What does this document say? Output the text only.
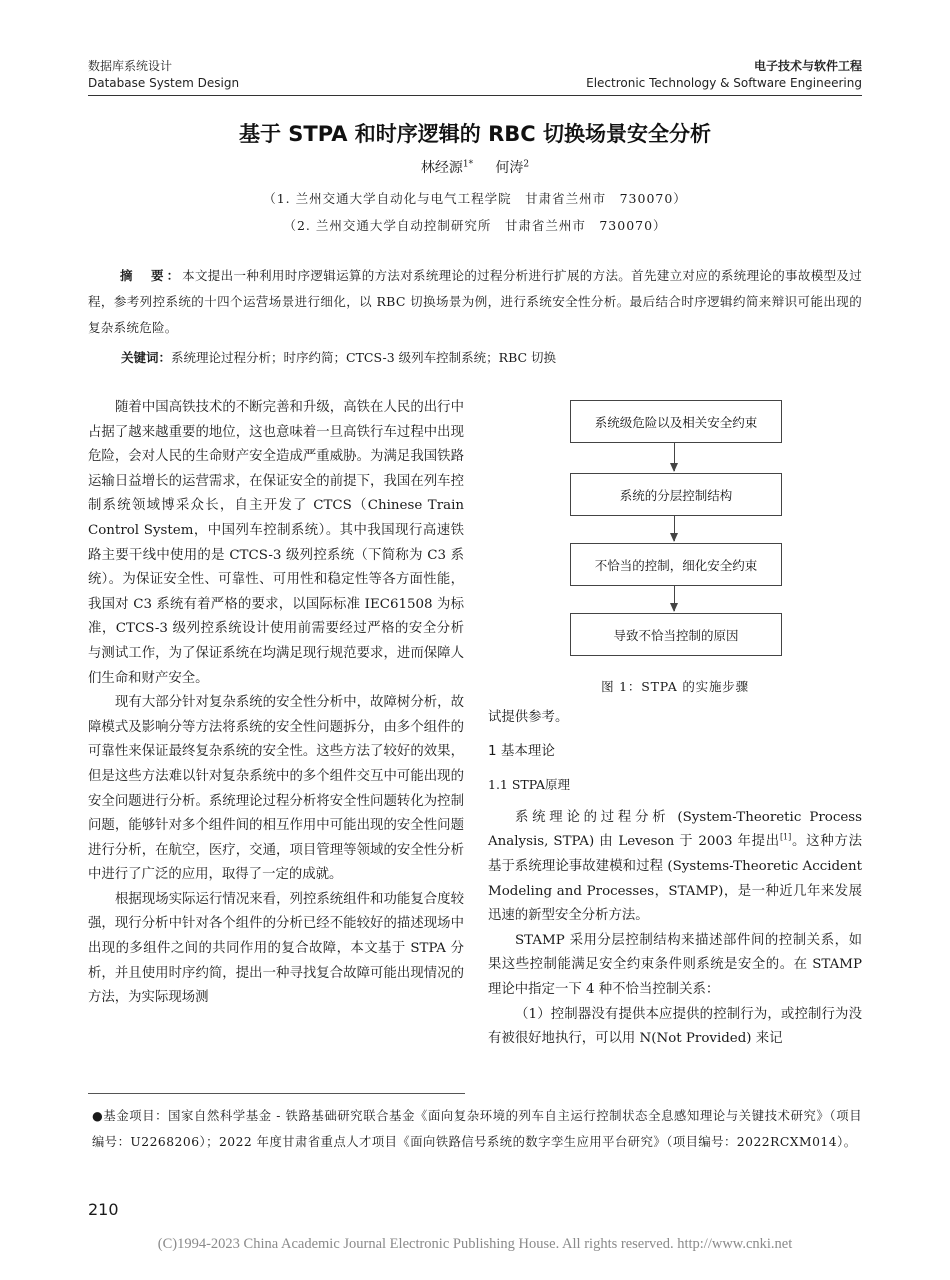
数据库系统设计
Database System Design
电子技术与软件工程
Electronic Technology & Software Engineering
基于 STPA 和时序逻辑的 RBC 切换场景安全分析
林经源$^{1*}$ 何涛$^2$
（1. 兰州交通大学自动化与电气工程学院　甘肃省兰州市　730070）
（2. 兰州交通大学自动控制研究所　甘肃省兰州市　730070）
摘　要：本文提出一种利用时序逻辑运算的方法对系统理论的过程分析进行扩展的方法。首先建立对应的系统理论的事故模型及过程，参考列控系统的十四个运营场景进行细化，以 RBC 切换场景为例，进行系统安全性分析。最后结合时序逻辑约简来辩识可能出现的复杂系统危险。
关键词：系统理论过程分析；时序约简；CTCS-3 级列车控制系统；RBC 切换

随着中国高铁技术的不断完善和升级，高铁在人民的出行中占据了越来越重要的地位，这也意味着一旦高铁行车过程中出现危险，会对人民的生命财产安全造成严重威胁。为满足我国铁路运输日益增长的运营需求，在保证安全的前提下，我国在列车控制系统领域博采众长，自主开发了 CTCS（Chinese Train Control System，中国列车控制系统）。其中我国现行高速铁路主要干线中使用的是 CTCS-3 级列控系统（下简称为 C3 系统）。为保证安全性、可靠性、可用性和稳定性等各方面性能，我国对 C3 系统有着严格的要求，以国际标准 IEC61508 为标准，CTCS-3 级列控系统设计使用前需要经过严格的安全分析与测试工作，为了保证系统在均满足现行规范要求，进而保障人们生命和财产安全。

现有大部分针对复杂系统的安全性分析中，故障树分析，故障模式及影响分等方法将系统的安全性问题拆分，由多个组件的可靠性来保证最终复杂系统的安全性。这些方法了较好的效果，但是这些方法难以针对复杂系统中的多个组件交互中可能出现的安全问题进行分析。系统理论过程分析将安全性问题转化为控制问题，能够针对多个组件间的相互作用中可能出现的安全性问题进行分析，在航空，医疗，交通，项目管理等领域的安全性分析中进行了广泛的应用，取得了一定的成就。

根据现场实际运行情况来看，列控系统组件和功能复合度较强，现行分析中针对各个组件的分析已经不能较好的描述现场中出现的多组件之间的共同作用的复合故障，本文基于 STPA 分析，并且使用时序约简，提出一种寻找复合故障可能出现情况的方法，为实际现场测

系统级危险以及相关安全约束
系统的分层控制结构
不恰当的控制，细化安全约束
导致不恰当控制的原因
图 1：STPA 的实施步骤

试提供参考。

1 基本理论
1.1 STPA原理

系统理论的过程分析 (System-Theoretic Process Analysis, STPA) 由 Leveson 于 2003 年提出[1]。这种方法基于系统理论事故建模和过程 (Systems-Theoretic Accident Modeling and Processes，STAMP)，是一种近几年来发展迅速的新型安全分析方法。

STAMP 采用分层控制结构来描述部件间的控制关系，如果这些控制能满足安全约束条件则系统是安全的。在 STAMP 理论中指定一下 4 种不恰当控制关系：

（1）控制器没有提供本应提供的控制行为，或控制行为没有被很好地执行，可以用 N(Not Provided) 来记

●基金项目：国家自然科学基金 - 铁路基础研究联合基金《面向复杂环境的列车自主运行控制状态全息感知理论与关键技术研究》（项目编号：U2268206）；2022 年度甘肃省重点人才项目《面向铁路信号系统的数字孪生应用平台研究》（项目编号：2022RCXM014）。
210
(C)1994-2023 China Academic Journal Electronic Publishing House. All rights reserved. http://www.cnki.net
